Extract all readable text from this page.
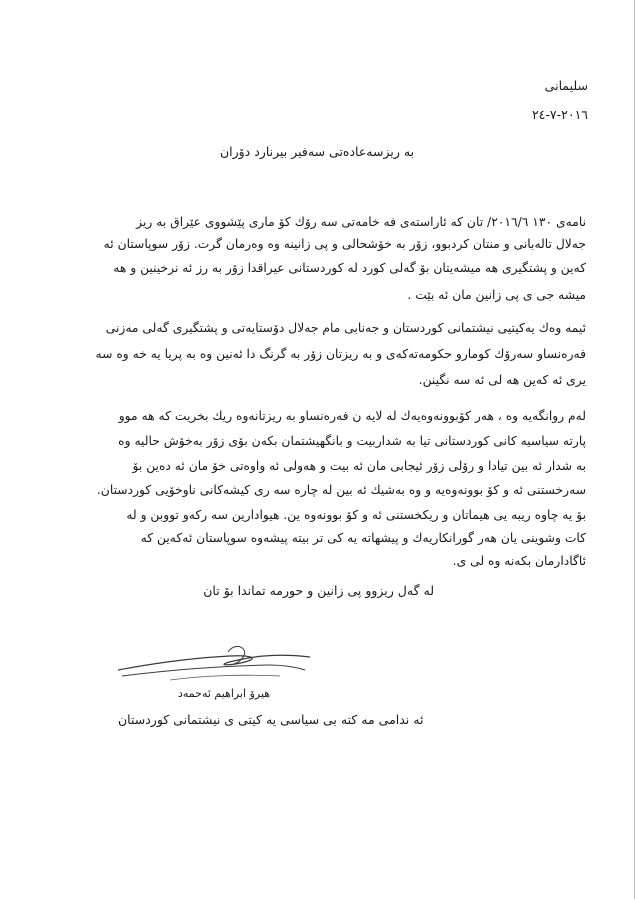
سلیمانی
٢٠١٦-٧-٢٤
به ریزسەعادەتی سەفیر بیرنارد دۆران
نامەی ١٣٠ ٢٠١٦/٦/ تان كە ئاراستەی فە خامەتی سە رۆك كۆ ماری پێشووی عێراق بە ریز
جەلال تالەبانی و منتان كردبوو، زۆر بە خۆشحالی و پی زانینە وە وەرمان گرت. زۆر سوپاستان ئە
كەین و پشتگیری هە میشەیتان بۆ گەلی كورد لە كوردستانی عیراقدا زۆر بە رز ئە نرخینین و هە
میشە جی ی پی زانین مان ئە بێت .
ئیمە وەك یەكیتیی نیشتمانی كوردستان و جەنابی مام جەلال دۆستایەتی و پشتگیری گەلی مەزنی
فەرەنساو سەرۆك كومارو حكومەتەكەی و بە ریزتان زۆر بە گرنگ دا ئەنین وە بە پریا یە خە وە سە
یری ئە كەین هە لی ئە سە نگینن.
لەم روانگەیە وە ، هەر كۆبوونەوەیەك لە لایە ن فەرەنساو بە ریزتانەوە ریك بخریت كە هە موو
پارتە سیاسیە كانی كوردستانی تیا بە شداربیت و بانگهیشتمان بكەن بۆی زۆر بەخۆش حالیە وە
بە شدار ئە بین تیادا و رۆلی زۆر ئیجابی مان ئە بیت و هەولی ئە واوەتی خۆ مان ئە دەین بۆ
سەرخستنی ئە و كۆ بوونەوەیە و وە بەشیك ئە بین لە چارە سە ری كیشەكانی ناوخۆیی كوردستان.
بۆ یە چاوە ریبە یی هیماتان و ریكخستنی ئە و كۆ بوونەوە ین. هیوادارین سە ركەو تووبن و لە
كات وشوینی یان هەر گورانكاریەك و پیشهاتە یە كی تر بیتە پیشەوە سوپاستان ئەكەین كە
ئاگادارمان بكەنە وە لی ی.
لە گەل ریزوو پی زانین و حورمە تماندا بۆ تان
هیرۆ ابراهیم ئەحمەد
ئە ندامی مە كتە بی سیاسی یە كیتی ی نیشتمانی كوردستان
